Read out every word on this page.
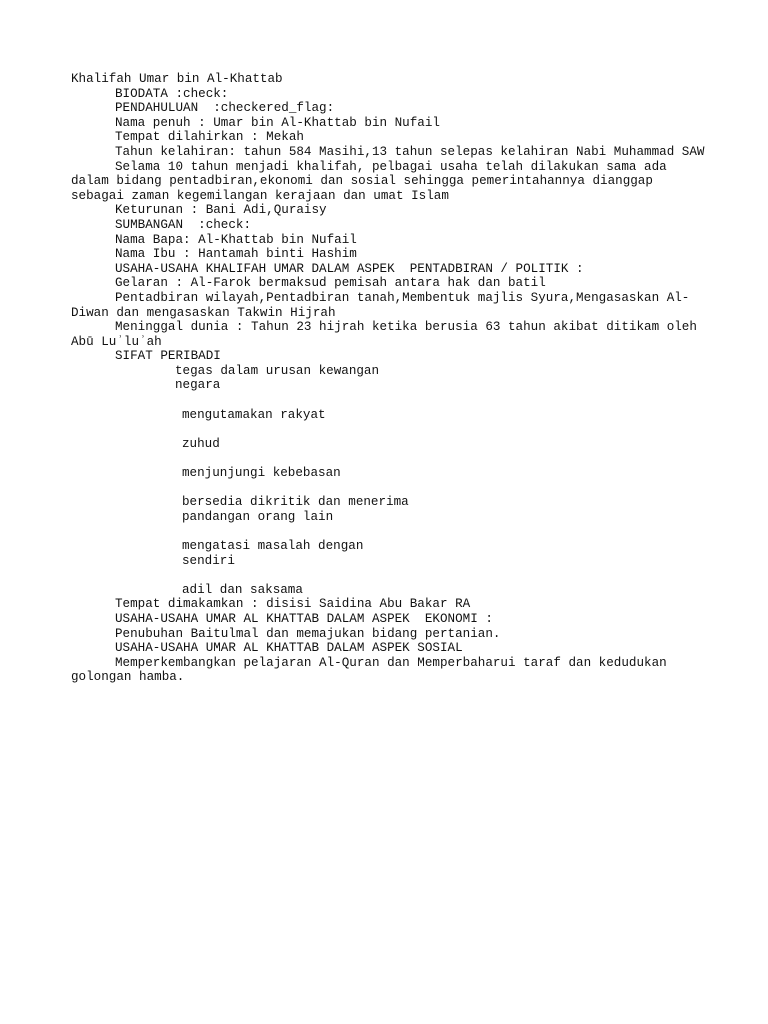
Khalifah Umar bin Al-Khattab
BIODATA :check:
PENDAHULUAN  :checkered_flag:
Nama penuh : Umar bin Al-Khattab bin Nufail
Tempat dilahirkan : Mekah
Tahun kelahiran: tahun 584 Masihi,13 tahun selepas kelahiran Nabi Muhammad SAW
Selama 10 tahun menjadi khalifah, pelbagai usaha telah dilakukan sama ada dalam bidang pentadbiran,ekonomi dan sosial sehingga pemerintahannya dianggap sebagai zaman kegemilangan kerajaan dan umat Islam
Keturunan : Bani Adi,Quraisy
SUMBANGAN  :check:
Nama Bapa: Al-Khattab bin Nufail
Nama Ibu : Hantamah binti Hashim
USAHA-USAHA KHALIFAH UMAR DALAM ASPEK  PENTADBIRAN / POLITIK :
Gelaran : Al-Farok bermaksud pemisah antara hak dan batil
Pentadbiran wilayah,Pentadbiran tanah,Membentuk majlis Syura,Mengasaskan Al-Diwan dan mengasaskan Takwin Hijrah
Meninggal dunia : Tahun 23 hijrah ketika berusia 63 tahun akibat ditikam oleh Abū Luʾluʾah
SIFAT PERIBADI
tegas dalam urusan kewangan
negara
mengutamakan rakyat
zuhud
menjunjungi kebebasan
bersedia dikritik dan menerima
pandangan orang lain
mengatasi masalah dengan
sendiri
adil dan saksama
Tempat dimakamkan : disisi Saidina Abu Bakar RA
USAHA-USAHA UMAR AL KHATTAB DALAM ASPEK  EKONOMI :
Penubuhan Baitulmal dan memajukan bidang pertanian.
USAHA-USAHA UMAR AL KHATTAB DALAM ASPEK SOSIAL
Memperkembangkan pelajaran Al-Quran dan Memperbaharui taraf dan kedudukan golongan hamba.
